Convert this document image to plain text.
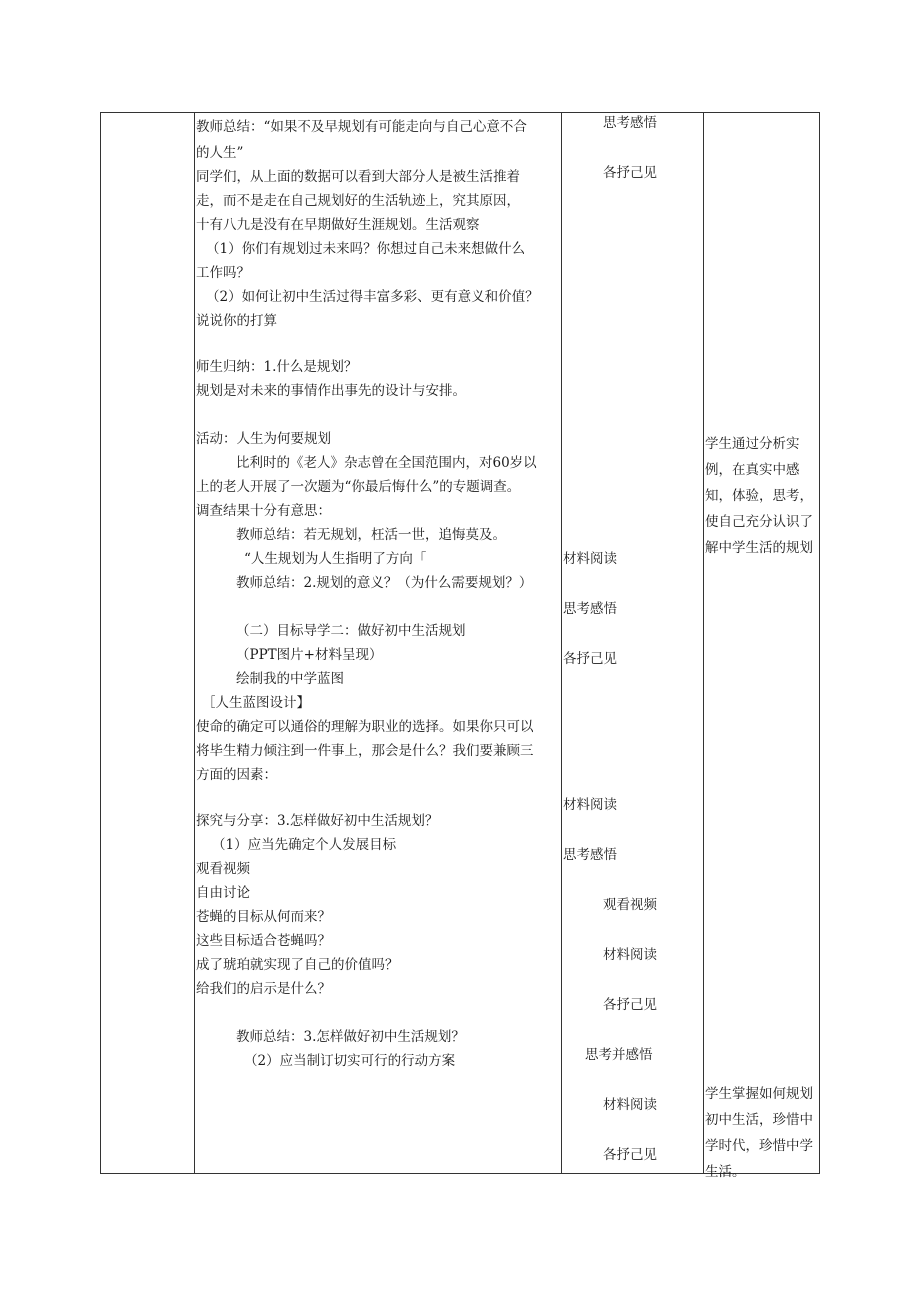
教师总结：“如果不及早规划有可能走向与自己心意不合
的人生”
同学们，从上面的数据可以看到大部分人是被生活推着
走，而不是走在自己规划好的生活轨迹上，究其原因，
十有八九是没有在早期做好生涯规划。生活观察
（1）你们有规划过未来吗？你想过自己未来想做什么
工作吗？
（2）如何让初中生活过得丰富多彩、更有意义和价值？
说说你的打算
师生归纳：1.什么是规划？
规划是对未来的事情作出事先的设计与安排。
活动：人生为何要规划
比利时的《老人》杂志曾在全国范围内，对60岁以
上的老人开展了一次题为“你最后悔什么”的专题调查。
调查结果十分有意思：
教师总结：若无规划，枉活一世，追悔莫及。
“人生规划为人生指明了方向「
教师总结：2.规划的意义？（为什么需要规划？）
（二）目标导学二：做好初中生活规划
（PPT图片+材料呈现）
绘制我的中学蓝图
［人生蓝图设计】
使命的确定可以通俗的理解为职业的选择。如果你只可以
将毕生精力倾注到一件事上，那会是什么？我们要兼顾三
方面的因素：
探究与分享：3.怎样做好初中生活规划？
（1）应当先确定个人发展目标
观看视频
自由讨论
苍蝇的目标从何而来？
这些目标适合苍蝇吗？
成了琥珀就实现了自己的价值吗？
给我们的启示是什么？
教师总结：3.怎样做好初中生活规划？
（2）应当制订切实可行的行动方案
思考感悟
各抒己见
材料阅读
思考感悟
各抒己见
材料阅读
思考感悟
观看视频
材料阅读
各抒己见
思考并感悟
材料阅读
各抒己见
学生通过分析实例，在真实中感知，体验，思考，使自己充分认识了解中学生活的规划
学生掌握如何规划初中生活，珍惜中学时代，珍惜中学生活。
